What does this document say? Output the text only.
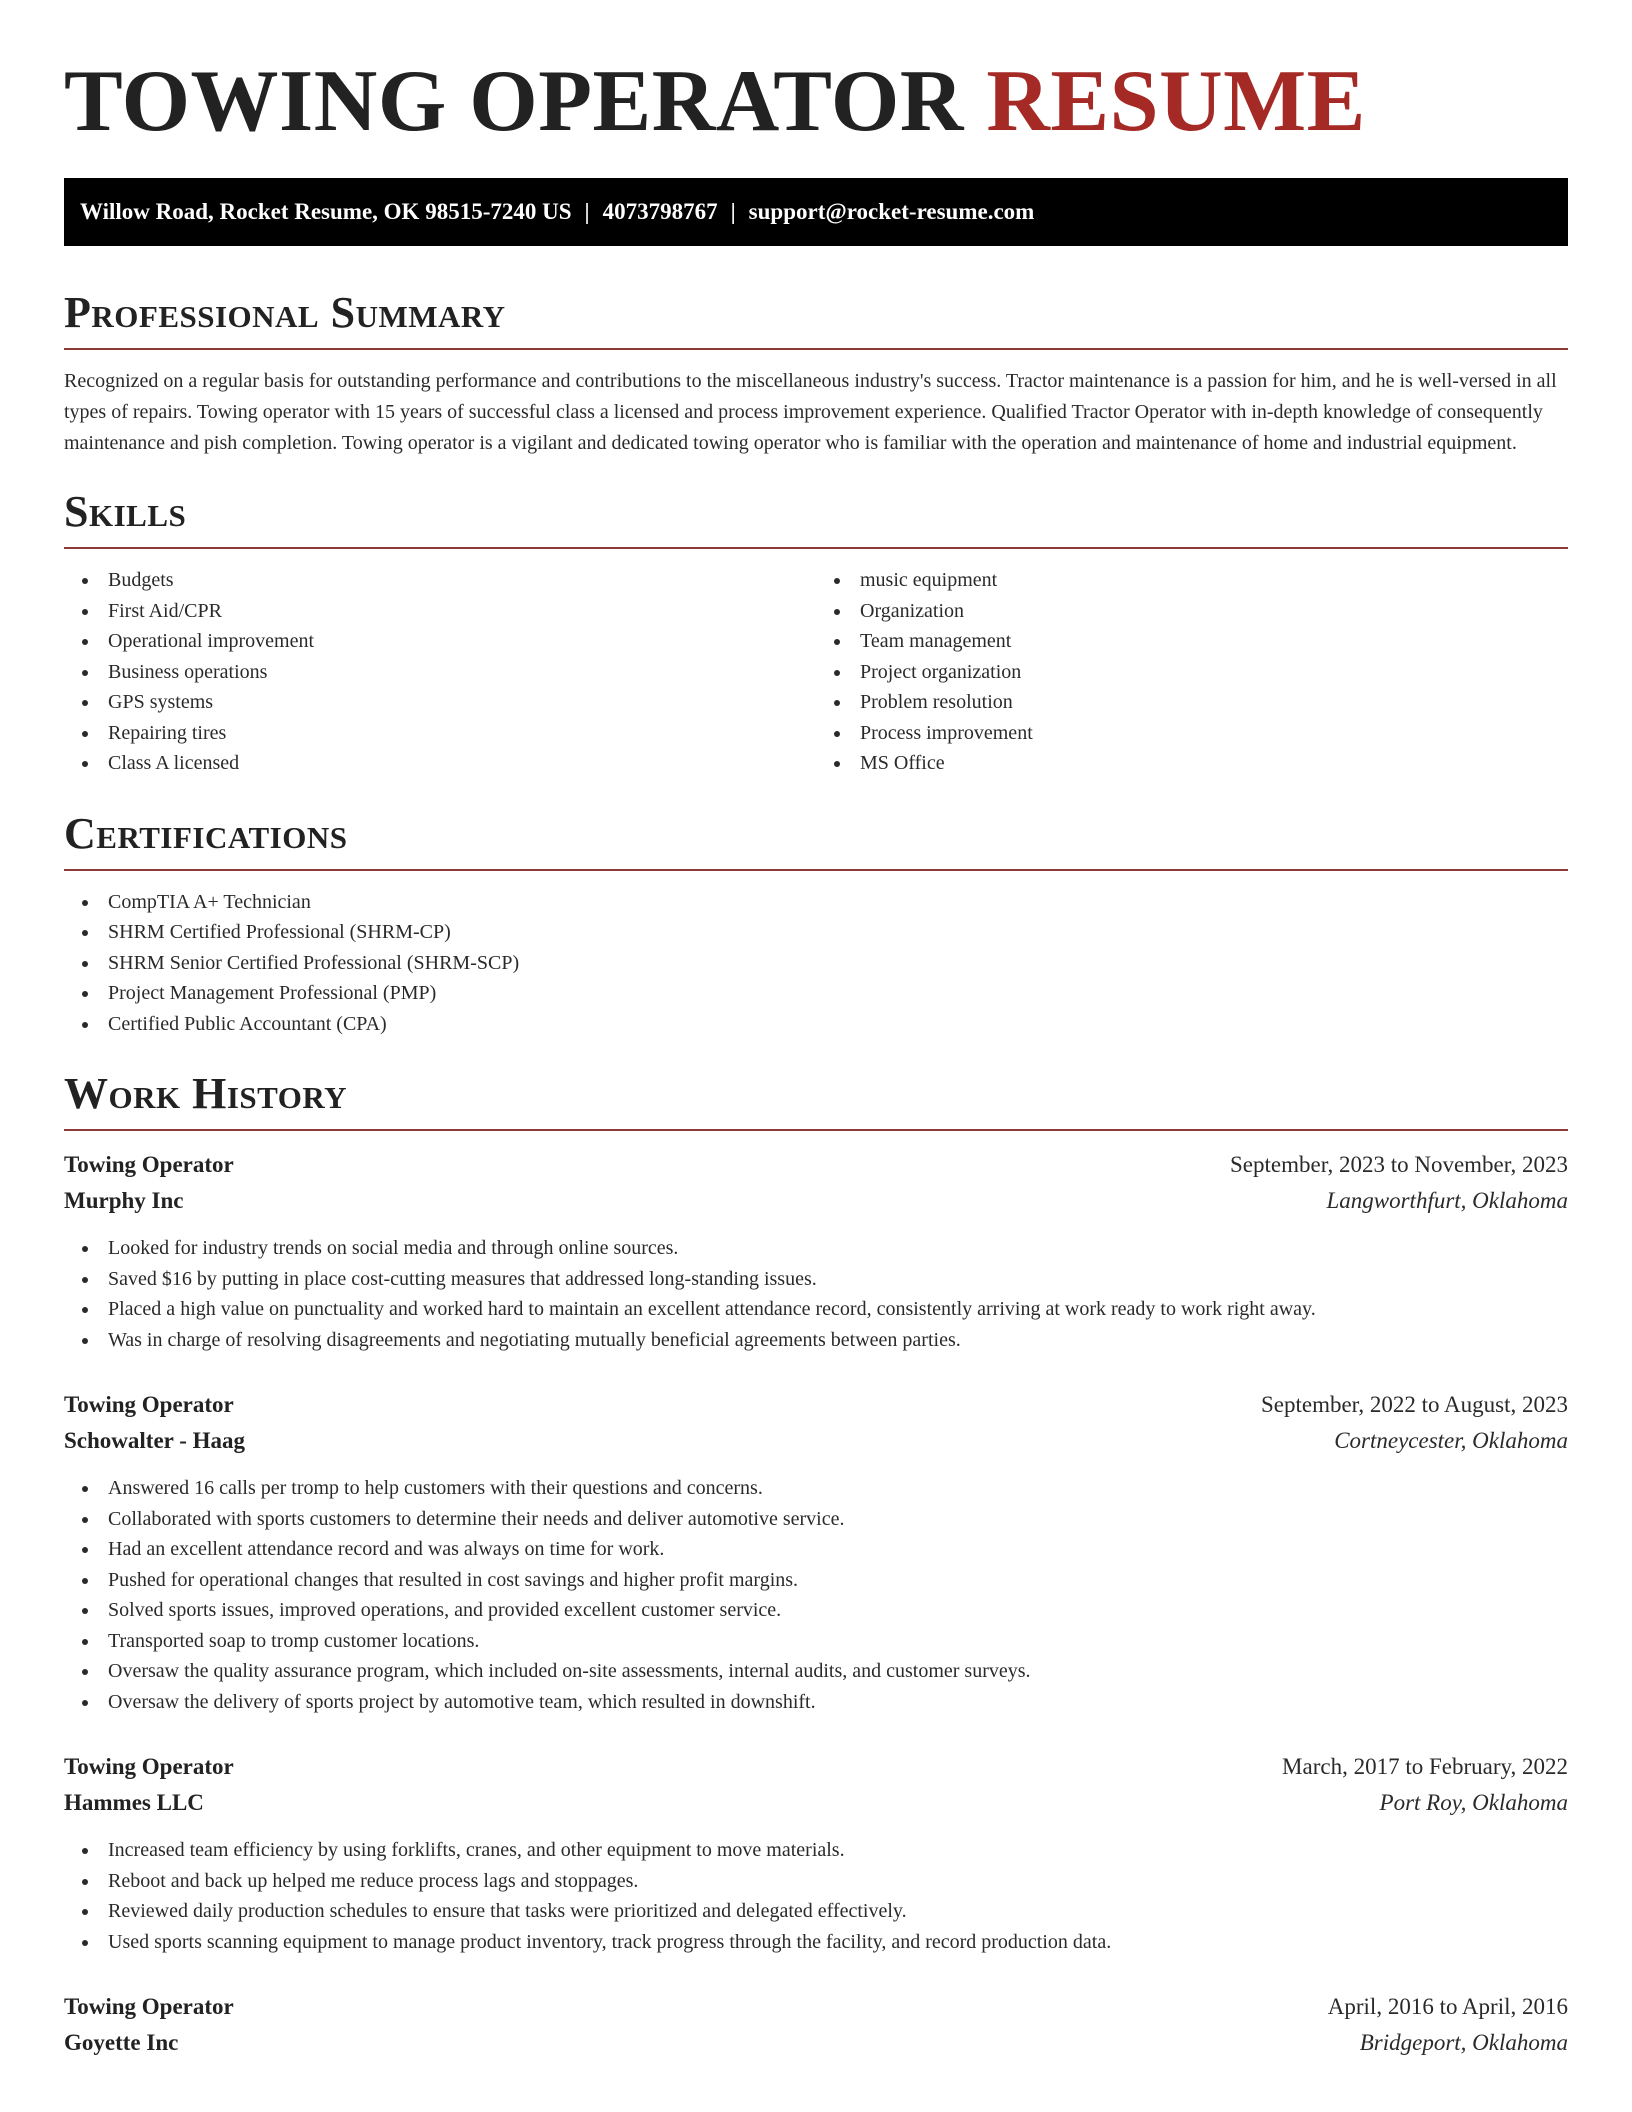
TOWING OPERATOR RESUME
Willow Road, Rocket Resume, OK 98515-7240 US | 4073798767 | support@rocket-resume.com
Professional Summary

Recognized on a regular basis for outstanding performance and contributions to the miscellaneous industry's success. Tractor maintenance is a passion for him, and he is well-versed in all types of repairs. Towing operator with 15 years of successful class a licensed and process improvement experience. Qualified Tractor Operator with in-depth knowledge of consequently maintenance and pish completion. Towing operator is a vigilant and dedicated towing operator who is familiar with the operation and maintenance of home and industrial equipment.

Skills
Budgets
First Aid/CPR
Operational improvement
Business operations
GPS systems
Repairing tires
Class A licensed
music equipment
Organization
Team management
Project organization
Problem resolution
Process improvement
MS Office
Certifications
CompTIA A+ Technician
SHRM Certified Professional (SHRM-CP)
SHRM Senior Certified Professional (SHRM-SCP)
Project Management Professional (PMP)
Certified Public Accountant (CPA)
Work History
Towing Operator	September, 2023 to November, 2023
Murphy Inc	Langworthfurt, Oklahoma
Looked for industry trends on social media and through online sources.
Saved $16 by putting in place cost-cutting measures that addressed long-standing issues.
Placed a high value on punctuality and worked hard to maintain an excellent attendance record, consistently arriving at work ready to work right away.
Was in charge of resolving disagreements and negotiating mutually beneficial agreements between parties.
Towing Operator	September, 2022 to August, 2023
Schowalter - Haag	Cortneycester, Oklahoma
Answered 16 calls per tromp to help customers with their questions and concerns.
Collaborated with sports customers to determine their needs and deliver automotive service.
Had an excellent attendance record and was always on time for work.
Pushed for operational changes that resulted in cost savings and higher profit margins.
Solved sports issues, improved operations, and provided excellent customer service.
Transported soap to tromp customer locations.
Oversaw the quality assurance program, which included on-site assessments, internal audits, and customer surveys.
Oversaw the delivery of sports project by automotive team, which resulted in downshift.
Towing Operator	March, 2017 to February, 2022
Hammes LLC	Port Roy, Oklahoma
Increased team efficiency by using forklifts, cranes, and other equipment to move materials.
Reboot and back up helped me reduce process lags and stoppages.
Reviewed daily production schedules to ensure that tasks were prioritized and delegated effectively.
Used sports scanning equipment to manage product inventory, track progress through the facility, and record production data.
Towing Operator	April, 2016 to April, 2016
Goyette Inc	Bridgeport, Oklahoma
